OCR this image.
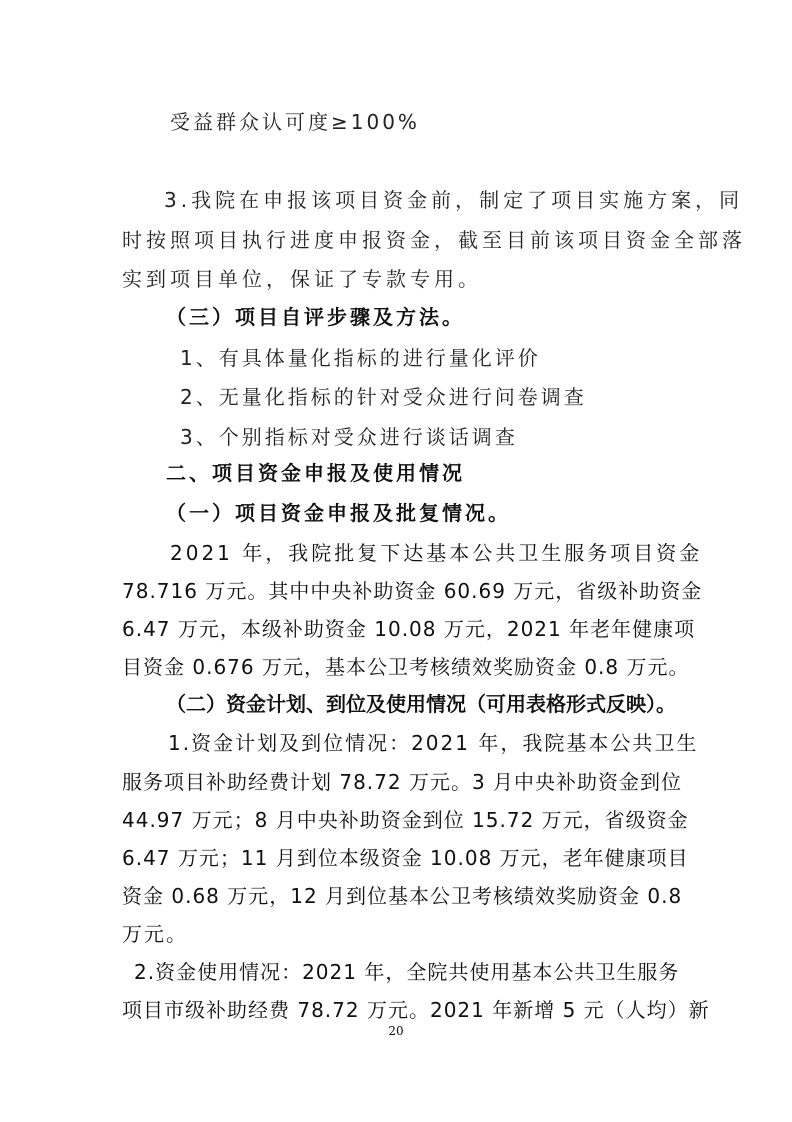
受益群众认可度≥100%
3.我院在申报该项目资金前，制定了项目实施方案，同
时按照项目执行进度申报资金，截至目前该项目资金全部落
实到项目单位，保证了专款专用。
（三）项目自评步骤及方法。
1、有具体量化指标的进行量化评价
2、无量化指标的针对受众进行问卷调查
3、个别指标对受众进行谈话调查
二、项目资金申报及使用情况
（一）项目资金申报及批复情况。
2021 年，我院批复下达基本公共卫生服务项目资金
78.716 万元。其中中央补助资金 60.69 万元，省级补助资金
6.47 万元，本级补助资金 10.08 万元，2021 年老年健康项
目资金 0.676 万元，基本公卫考核绩效奖励资金 0.8 万元。
（二）资金计划、到位及使用情况（可用表格形式反映）。
1.资金计划及到位情况：2021 年，我院基本公共卫生
服务项目补助经费计划 78.72 万元。3 月中央补助资金到位
44.97 万元；8 月中央补助资金到位 15.72 万元，省级资金
6.47 万元；11 月到位本级资金 10.08 万元，老年健康项目
资金 0.68 万元，12 月到位基本公卫考核绩效奖励资金 0.8
万元。
2.资金使用情况：2021 年，全院共使用基本公共卫生服务
项目市级补助经费 78.72 万元。2021 年新增 5 元（人均）新
20
